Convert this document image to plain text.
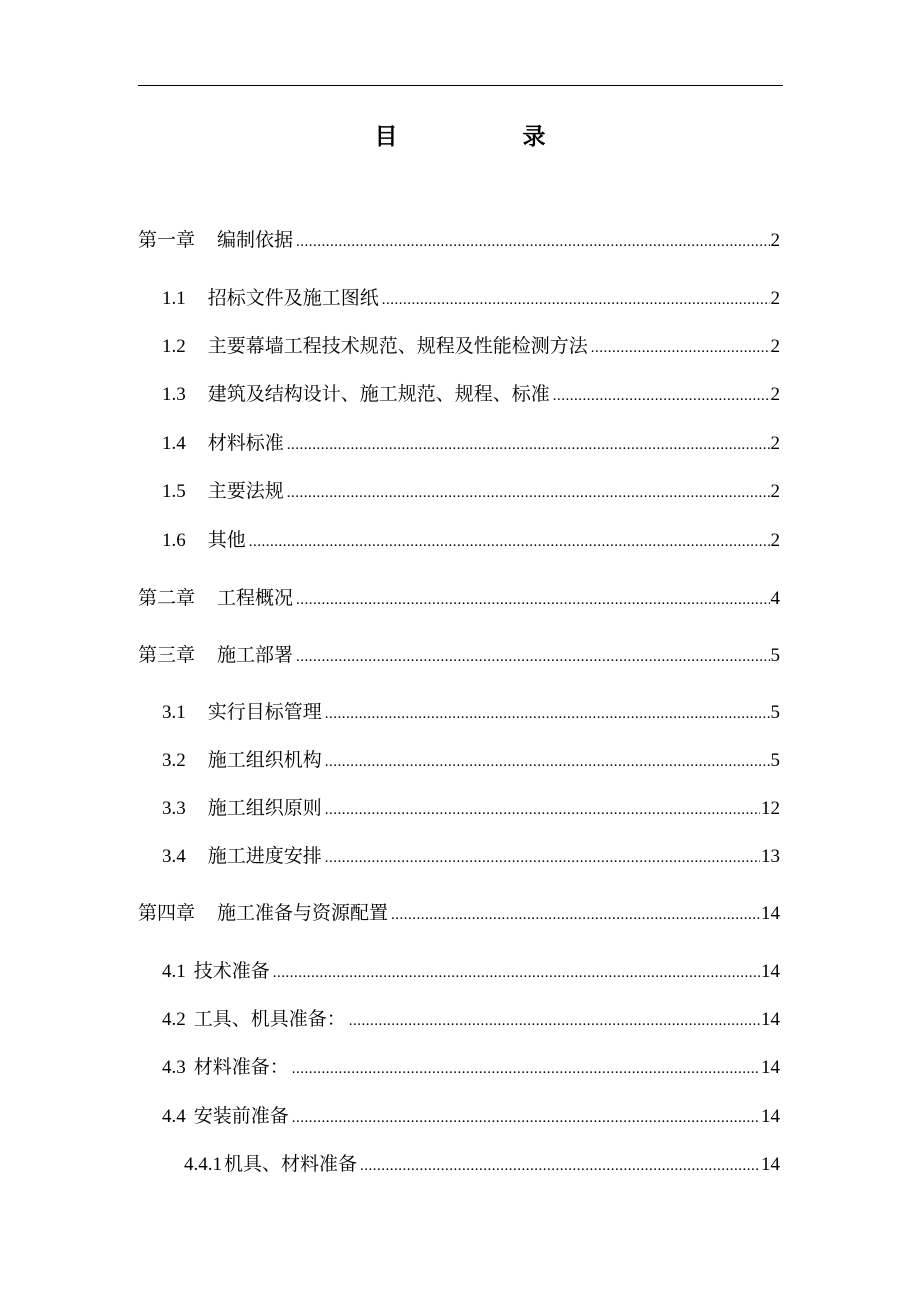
目	录
第一章 编制依据 .....	2
1.1 招标文件及施工图纸 .....	2
1.2 主要幕墙工程技术规范、规程及性能检测方法 .....	2
1.3 建筑及结构设计、施工规范、规程、标准 .....	2
1.4 材料标准 .....	2
1.5 主要法规 .....	2
1.6 其他 .....	2
第二章 工程概况 .....	4
第三章 施工部署 .....	5
3.1 实行目标管理 .....	5
3.2 施工组织机构 .....	5
3.3 施工组织原则 .....	12
3.4 施工进度安排 .....	13
第四章 施工准备与资源配置 .....	14
4.1 技术准备 .....	14
4.2 工具、机具准备： .....	14
4.3 材料准备： .....	14
4.4 安装前准备 .....	14
4.4.1 机具、材料准备 .....	14
